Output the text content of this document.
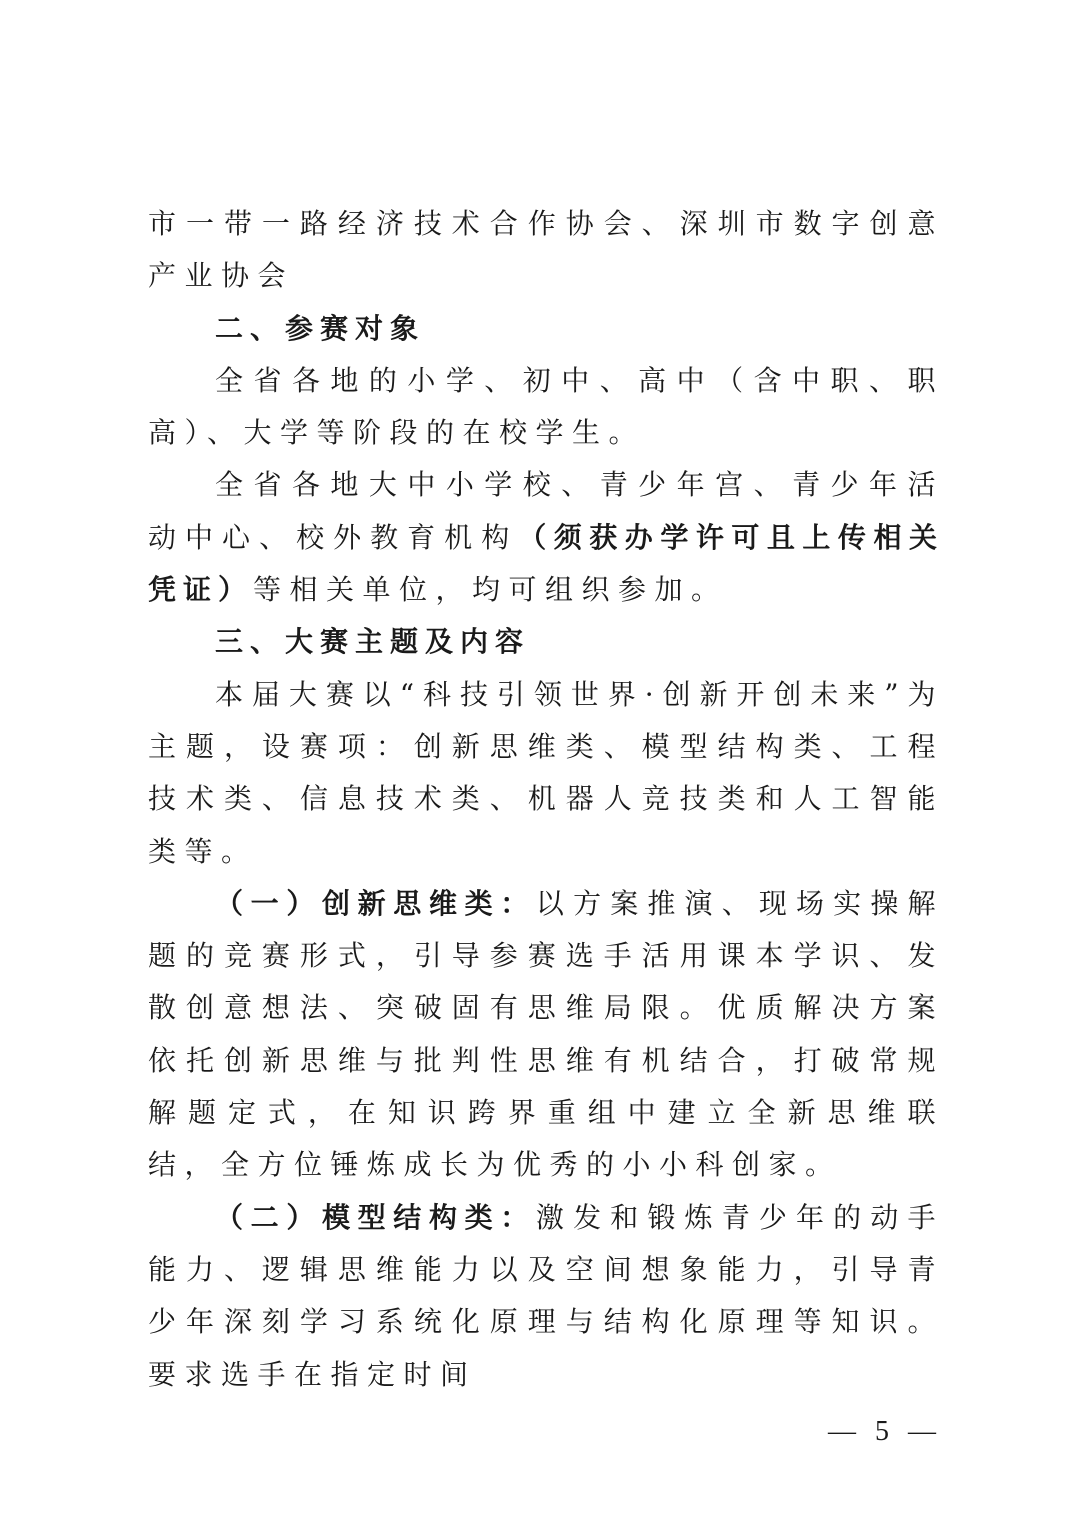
市一带一路经济技术合作协会、深圳市数字创意产业协会

二、参赛对象

全省各地的小学、初中、高中（含中职、职高）、大学等阶段的在校学生。

全省各地大中小学校、青少年宫、青少年活动中心、校外教育机构（须获办学许可且上传相关凭证）等相关单位，均可组织参加。

三、大赛主题及内容

本届大赛以“科技引领世界·创新开创未来”为主题，设赛项：创新思维类、模型结构类、工程技术类、信息技术类、机器人竞技类和人工智能类等。

（一）创新思维类：以方案推演、现场实操解题的竞赛形式，引导参赛选手活用课本学识、发散创意想法、突破固有思维局限。优质解决方案依托创新思维与批判性思维有机结合，打破常规解题定式，在知识跨界重组中建立全新思维联结，全方位锤炼成长为优秀的小小科创家。

（二）模型结构类：激发和锻炼青少年的动手能力、逻辑思维能力以及空间想象能力，引导青少年深刻学习系统化原理与结构化原理等知识。要求选手在指定时间

— 5 —
